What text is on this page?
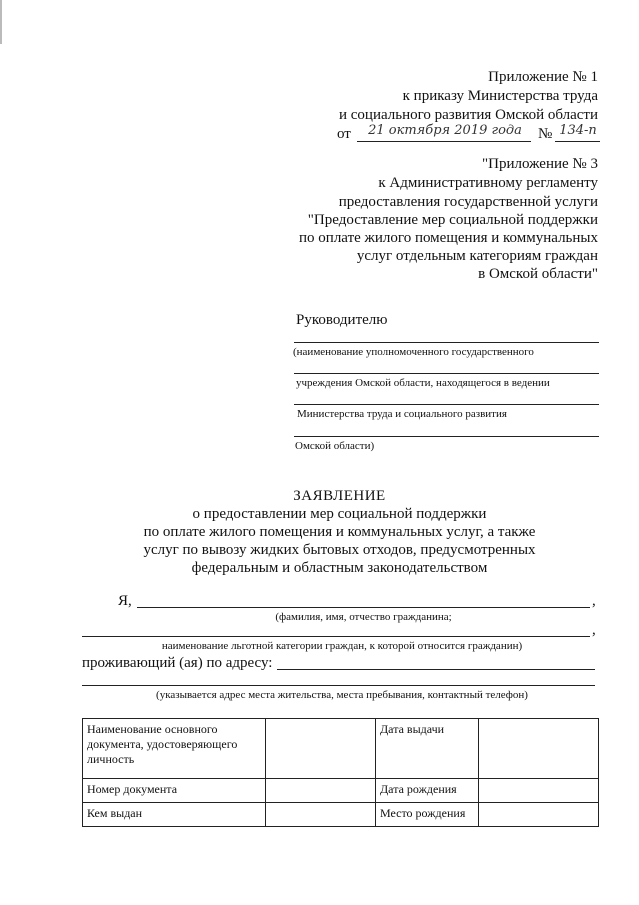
Приложение № 1
к приказу Министерства труда
и социального развития Омской области
от	21 октября 2019 года	№ 134-п
"Приложение № 3
к Административному регламенту
предоставления государственной услуги
"Предоставление мер социальной поддержки
по оплате жилого помещения и коммунальных
услуг отдельным категориям граждан
в Омской области"
Руководителю
(наименование уполномоченного государственного
учреждения Омской области, находящегося в ведении
Министерства труда и социального развития
Омской области)
ЗАЯВЛЕНИЕ
о предоставлении мер социальной поддержки
по оплате жилого помещения и коммунальных услуг, а также
услуг по вывозу жидких бытовых отходов, предусмотренных
федеральным и областным законодательством
Я,	,
(фамилия, имя, отчество гражданина;
,
наименование льготной категории граждан, к которой относится гражданин)
проживающий (ая) по адресу:
(указывается адрес места жительства, места пребывания, контактный телефон)
Наименование основного документа, удостоверяющего личность		Дата выдачи	
Номер документа		Дата рождения	
Кем выдан		Место рождения	
